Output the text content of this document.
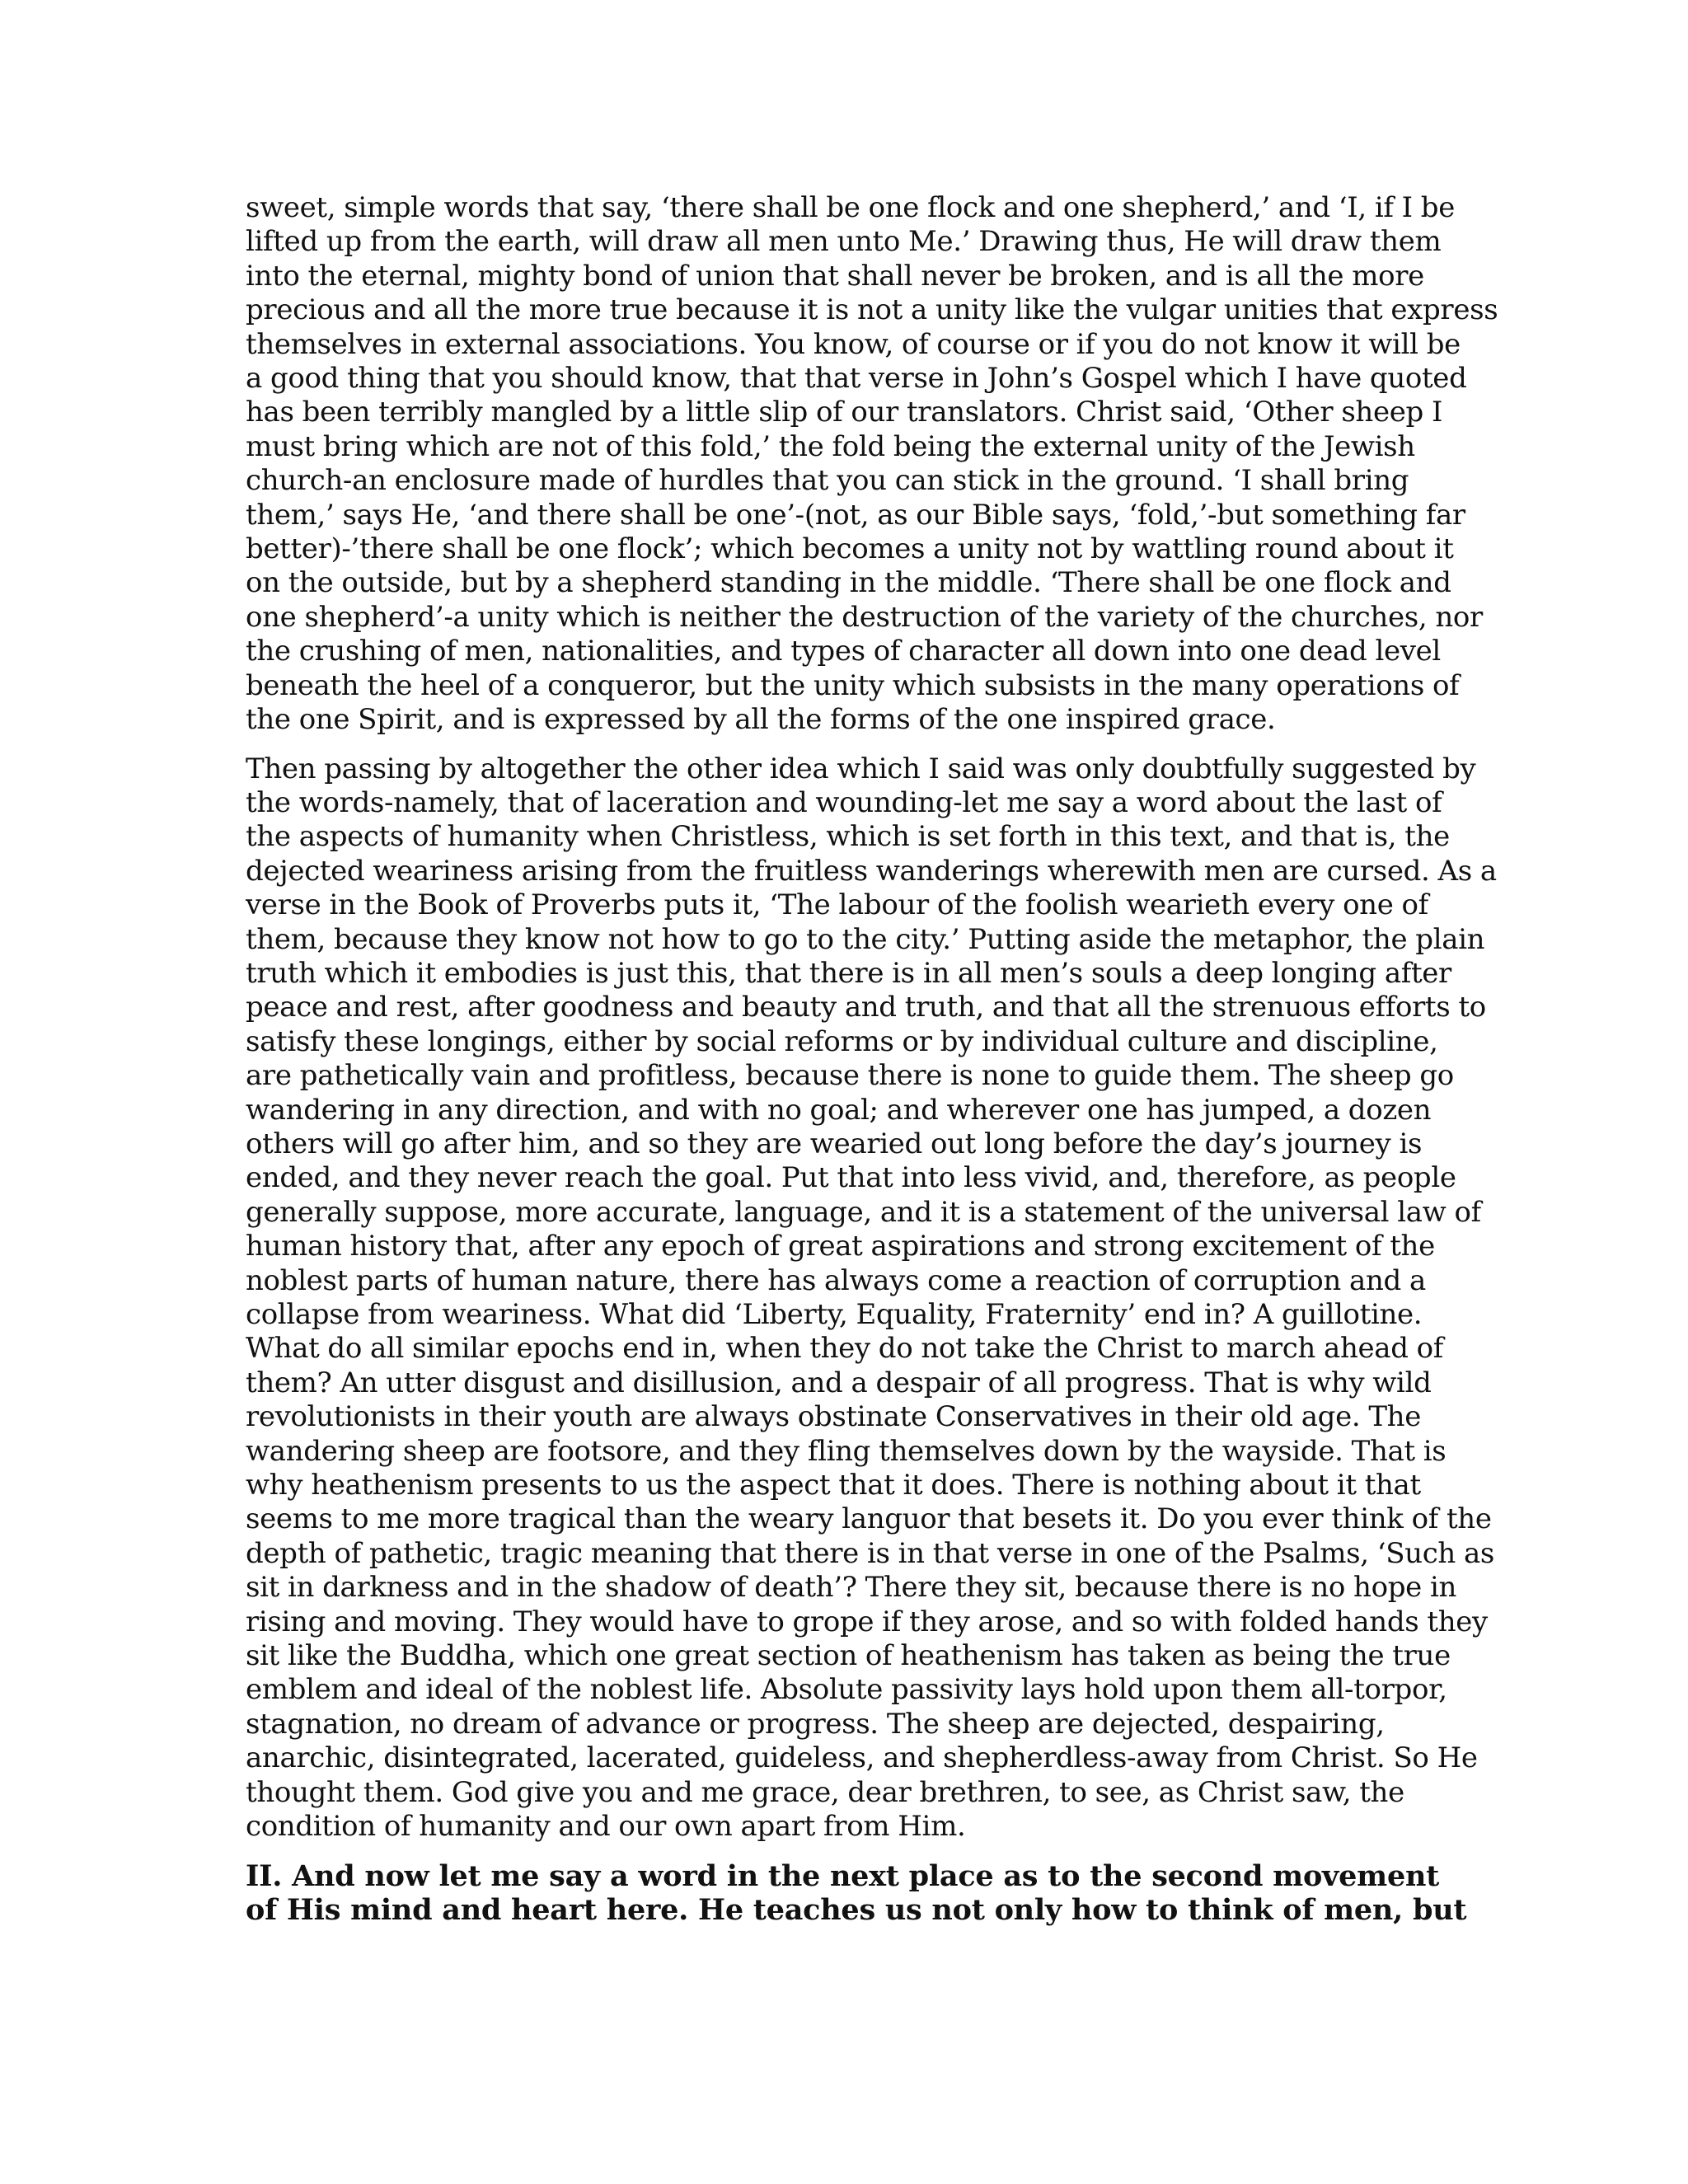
sweet, simple words that say, ‘there shall be one flock and one shepherd,’ and ‘I, if I be
lifted up from the earth, will draw all men unto Me.’ Drawing thus, He will draw them
into the eternal, mighty bond of union that shall never be broken, and is all the more
precious and all the more true because it is not a unity like the vulgar unities that express
themselves in external associations. You know, of course or if you do not know it will be
a good thing that you should know, that that verse in John’s Gospel which I have quoted
has been terribly mangled by a little slip of our translators. Christ said, ‘Other sheep I
must bring which are not of this fold,’ the fold being the external unity of the Jewish
church-an enclosure made of hurdles that you can stick in the ground. ‘I shall bring
them,’ says He, ‘and there shall be one’-(not, as our Bible says, ‘fold,’-but something far
better)-’there shall be one flock’; which becomes a unity not by wattling round about it
on the outside, but by a shepherd standing in the middle. ‘There shall be one flock and
one shepherd’-a unity which is neither the destruction of the variety of the churches, nor
the crushing of men, nationalities, and types of character all down into one dead level
beneath the heel of a conqueror, but the unity which subsists in the many operations of
the one Spirit, and is expressed by all the forms of the one inspired grace.

Then passing by altogether the other idea which I said was only doubtfully suggested by
the words-namely, that of laceration and wounding-let me say a word about the last of
the aspects of humanity when Christless, which is set forth in this text, and that is, the
dejected weariness arising from the fruitless wanderings wherewith men are cursed. As a
verse in the Book of Proverbs puts it, ‘The labour of the foolish wearieth every one of
them, because they know not how to go to the city.’ Putting aside the metaphor, the plain
truth which it embodies is just this, that there is in all men’s souls a deep longing after
peace and rest, after goodness and beauty and truth, and that all the strenuous efforts to
satisfy these longings, either by social reforms or by individual culture and discipline,
are pathetically vain and profitless, because there is none to guide them. The sheep go
wandering in any direction, and with no goal; and wherever one has jumped, a dozen
others will go after him, and so they are wearied out long before the day’s journey is
ended, and they never reach the goal. Put that into less vivid, and, therefore, as people
generally suppose, more accurate, language, and it is a statement of the universal law of
human history that, after any epoch of great aspirations and strong excitement of the
noblest parts of human nature, there has always come a reaction of corruption and a
collapse from weariness. What did ‘Liberty, Equality, Fraternity’ end in? A guillotine.
What do all similar epochs end in, when they do not take the Christ to march ahead of
them? An utter disgust and disillusion, and a despair of all progress. That is why wild
revolutionists in their youth are always obstinate Conservatives in their old age. The
wandering sheep are footsore, and they fling themselves down by the wayside. That is
why heathenism presents to us the aspect that it does. There is nothing about it that
seems to me more tragical than the weary languor that besets it. Do you ever think of the
depth of pathetic, tragic meaning that there is in that verse in one of the Psalms, ‘Such as
sit in darkness and in the shadow of death’? There they sit, because there is no hope in
rising and moving. They would have to grope if they arose, and so with folded hands they
sit like the Buddha, which one great section of heathenism has taken as being the true
emblem and ideal of the noblest life. Absolute passivity lays hold upon them all-torpor,
stagnation, no dream of advance or progress. The sheep are dejected, despairing,
anarchic, disintegrated, lacerated, guideless, and shepherdless-away from Christ. So He
thought them. God give you and me grace, dear brethren, to see, as Christ saw, the
condition of humanity and our own apart from Him.

II. And now let me say a word in the next place as to the second movement
of His mind and heart here. He teaches us not only how to think of men, but
